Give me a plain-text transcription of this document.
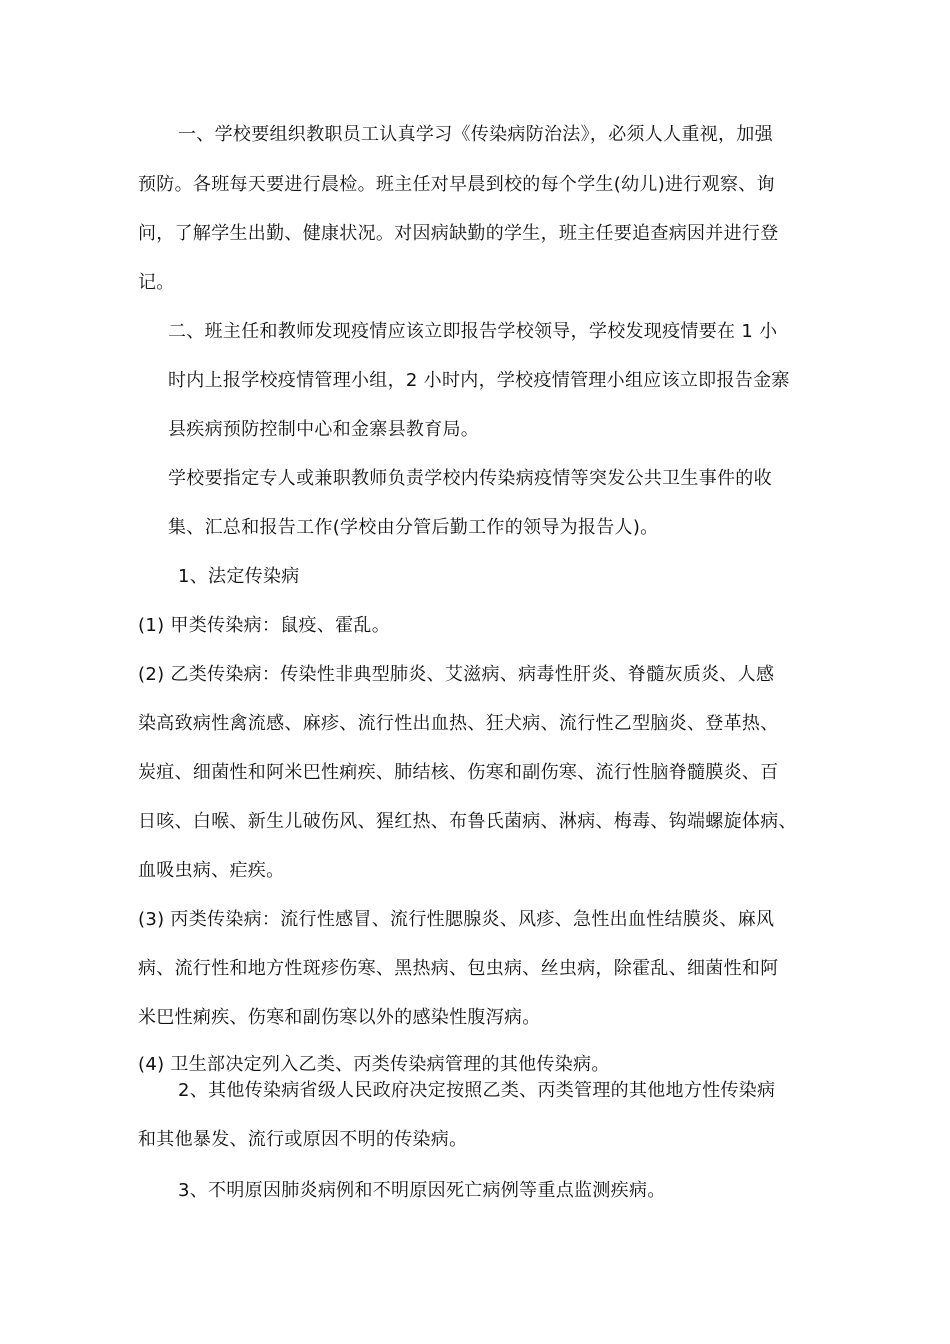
一、学校要组织教职员工认真学习《传染病防治法》，必须人人重视，加强
预防。各班每天要进行晨检。班主任对早晨到校的每个学生(幼儿)进行观察、询
问，了解学生出勤、健康状况。对因病缺勤的学生，班主任要追查病因并进行登
记。
二、班主任和教师发现疫情应该立即报告学校领导，学校发现疫情要在 1 小
时内上报学校疫情管理小组，2 小时内，学校疫情管理小组应该立即报告金寨
县疾病预防控制中心和金寨县教育局。
学校要指定专人或兼职教师负责学校内传染病疫情等突发公共卫生事件的收
集、汇总和报告工作(学校由分管后勤工作的领导为报告人)。
1、法定传染病
(1) 甲类传染病：鼠疫、霍乱。
(2) 乙类传染病：传染性非典型肺炎、艾滋病、病毒性肝炎、脊髓灰质炎、人感
染高致病性禽流感、麻疹、流行性出血热、狂犬病、流行性乙型脑炎、登革热、
炭疽、细菌性和阿米巴性痢疾、肺结核、伤寒和副伤寒、流行性脑脊髓膜炎、百
日咳、白喉、新生儿破伤风、猩红热、布鲁氏菌病、淋病、梅毒、钩端螺旋体病、
血吸虫病、疟疾。
(3) 丙类传染病：流行性感冒、流行性腮腺炎、风疹、急性出血性结膜炎、麻风
病、流行性和地方性斑疹伤寒、黑热病、包虫病、丝虫病，除霍乱、细菌性和阿
米巴性痢疾、伤寒和副伤寒以外的感染性腹泻病。
(4) 卫生部决定列入乙类、丙类传染病管理的其他传染病。
2、其他传染病省级人民政府决定按照乙类、丙类管理的其他地方性传染病
和其他暴发、流行或原因不明的传染病。
3、不明原因肺炎病例和不明原因死亡病例等重点监测疾病。
